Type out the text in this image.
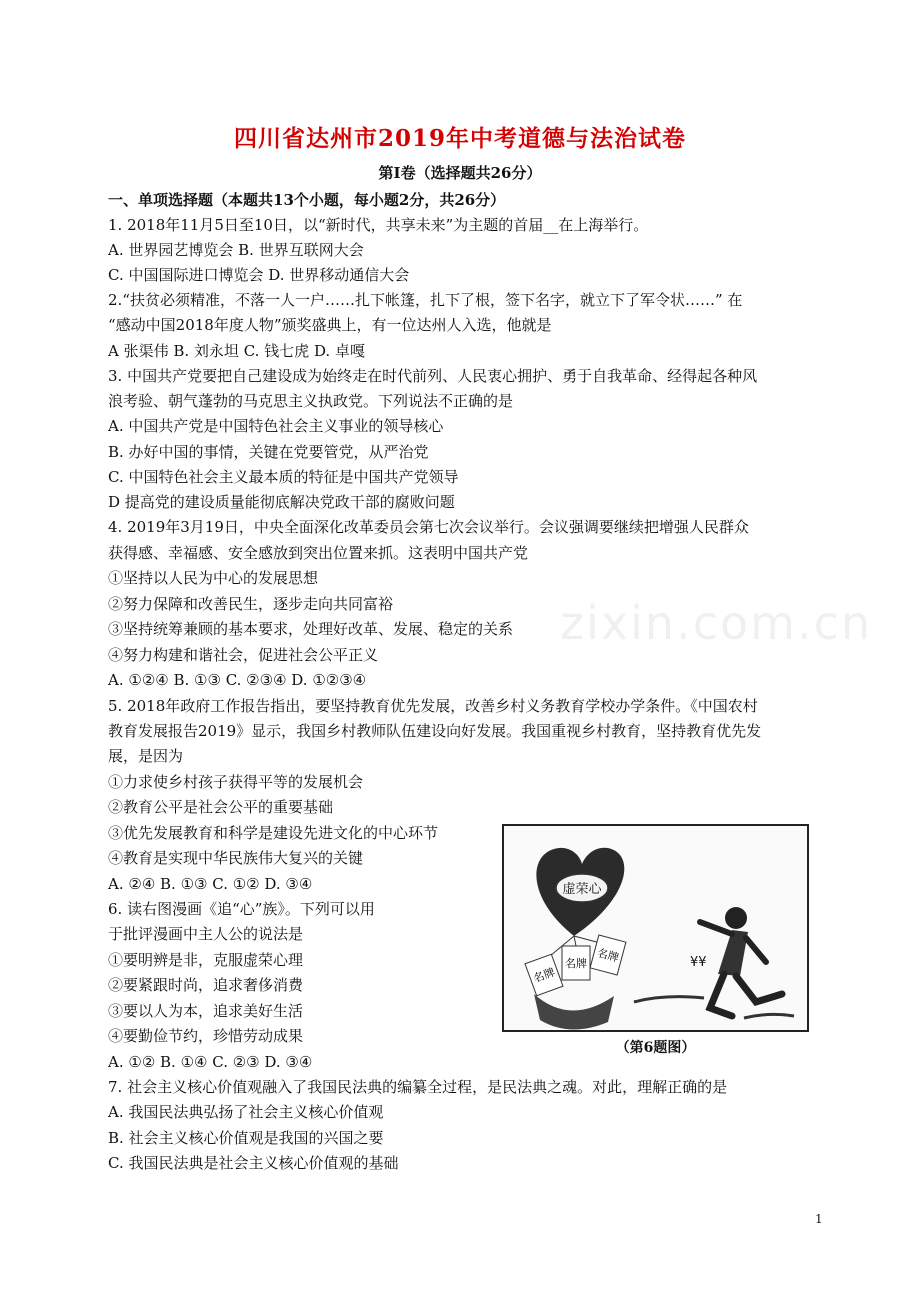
四川省达州市2019年中考道德与法治试卷
第Ⅰ卷（选择题共26分）
一、单项选择题（本题共13个小题，每小题2分，共26分）
1. 2018年11月5日至10日，以“新时代，共享未来”为主题的首届__在上海举行。
A. 世界园艺博览会 B. 世界互联网大会
C. 中国国际进口博览会 D. 世界移动通信大会
2.“扶贫必须精准，不落一人一户……扎下帐篷，扎下了根，签下名字，就立下了军令状……” 在
“感动中国2018年度人物”颁奖盛典上，有一位达州人入选，他就是
A 张渠伟 B. 刘永坦 C. 钱七虎 D. 卓嘎
3. 中国共产党要把自己建设成为始终走在时代前列、人民衷心拥护、勇于自我革命、经得起各种风
浪考验、朝气蓬勃的马克思主义执政党。下列说法不正确的是
A. 中国共产党是中国特色社会主义事业的领导核心
B. 办好中国的事情，关键在党要管党，从严治党
C. 中国特色社会主义最本质的特征是中国共产党领导
D 提高党的建设质量能彻底解决党政干部的腐败问题
4. 2019年3月19日，中央全面深化改革委员会第七次会议举行。会议强调要继续把增强人民群众
获得感、幸福感、安全感放到突出位置来抓。这表明中国共产党
①坚持以人民为中心的发展思想
②努力保障和改善民生，逐步走向共同富裕
③坚持统筹兼顾的基本要求，处理好改革、发展、稳定的关系
④努力构建和谐社会，促进社会公平正义
A. ①②④ B. ①③ C. ②③④ D. ①②③④
5. 2018年政府工作报告指出，要坚持教育优先发展，改善乡村义务教育学校办学条件。《中国农村
教育发展报告2019》显示，我国乡村教师队伍建设向好发展。我国重视乡村教育，坚持教育优先发
展，是因为
①力求使乡村孩子获得平等的发展机会
②教育公平是社会公平的重要基础
③优先发展教育和科学是建设先进文化的中心环节
④教育是实现中华民族伟大复兴的关键
A. ②④ B. ①③ C. ①② D. ③④
6. 读右图漫画《追“心”族》。下列可以用
于批评漫画中主人公的说法是
①要明辨是非，克服虚荣心理
②要紧跟时尚，追求奢侈消费
③要以人为本，追求美好生活
④要勤俭节约，珍惜劳动成果
A. ①② B. ①④ C. ②③ D. ③④
7. 社会主义核心价值观融入了我国民法典的编纂全过程，是民法典之魂。对此，理解正确的是
A. 我国民法典弘扬了社会主义核心价值观
B. 社会主义核心价值观是我国的兴国之要
C. 我国民法典是社会主义核心价值观的基础
虚荣心
名牌
名牌 名牌	¥¥
（第6题图）
zixin.com.cn
1
